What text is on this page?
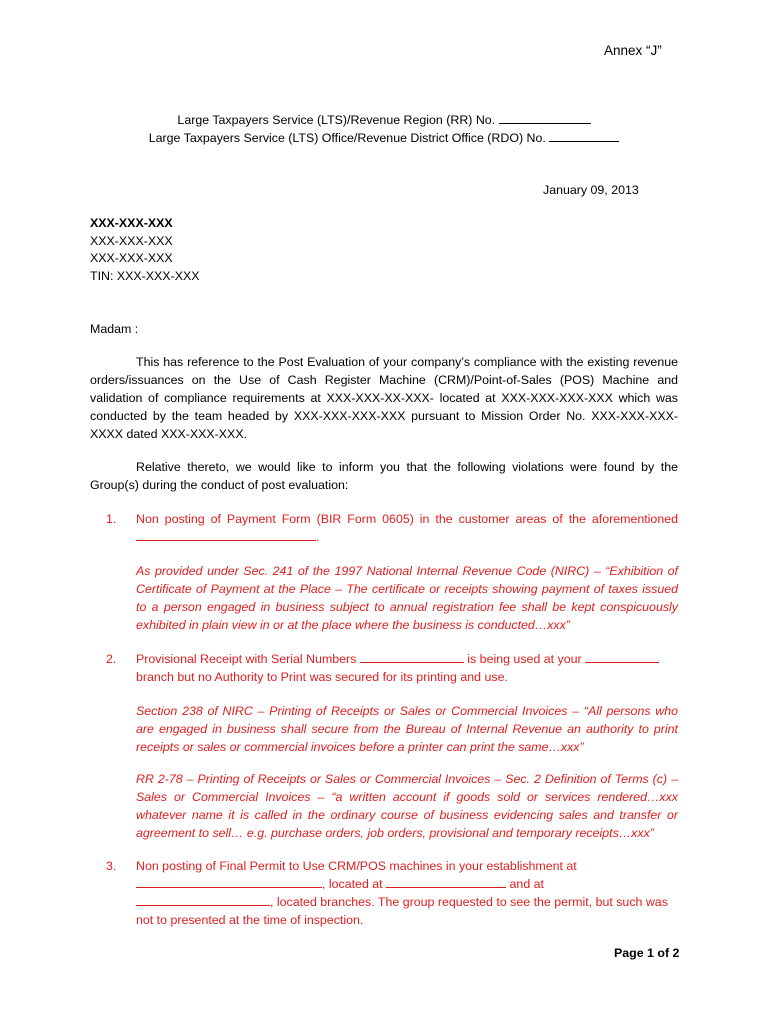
Annex “J”
Large Taxpayers Service (LTS)/Revenue Region (RR) No.
Large Taxpayers Service (LTS) Office/Revenue District Office (RDO) No.
January 09, 2013
XXX-XXX-XXX
XXX-XXX-XXX
XXX-XXX-XXX
TIN: XXX-XXX-XXX
Madam :
This has reference to the Post Evaluation of your company’s compliance with the existing revenue orders/issuances on the Use of Cash Register Machine (CRM)/Point-of-Sales (POS) Machine and validation of compliance requirements at XXX-XXX-XX-XXX- located at XXX-XXX-XXX-XXX which was conducted by the team headed by XXX-XXX-XXX-XXX pursuant to Mission Order No. XXX-XXX-XXX-XXXX dated XXX-XXX-XXX.
Relative thereto, we would like to inform you that the following violations were found by the Group(s) during the conduct of post evaluation:
1. Non posting of Payment Form (BIR Form 0605) in the customer areas of the aforementioned .
As provided under Sec. 241 of the 1997 National Internal Revenue Code (NIRC) – “Exhibition of Certificate of Payment at the Place – The certificate or receipts showing payment of taxes issued to a person engaged in business subject to annual registration fee shall be kept conspicuously exhibited in plain view in or at the place where the business is conducted…xxx”
2. Provisional Receipt with Serial Numbers	is being used at your  branch but no Authority to Print was secured for its printing and use.
Section 238 of NIRC – Printing of Receipts or Sales or Commercial Invoices – “All persons who are engaged in business shall secure from the Bureau of Internal Revenue an authority to print receipts or sales or commercial invoices before a printer can print the same…xxx”
RR 2-78 – Printing of Receipts or Sales or Commercial Invoices – Sec. 2 Definition of Terms (c) – Sales or Commercial Invoices – “a written account if goods sold or services rendered…xxx whatever name it is called in the ordinary course of business evidencing sales and transfer or agreement to sell… e.g. purchase orders, job orders, provisional and temporary receipts…xxx”
3. Non posting of Final Permit to Use CRM/POS machines in your establishment at , located at	and at , located branches. The group requested to see the permit, but such was not to presented at the time of inspection.
Page 1 of 2
